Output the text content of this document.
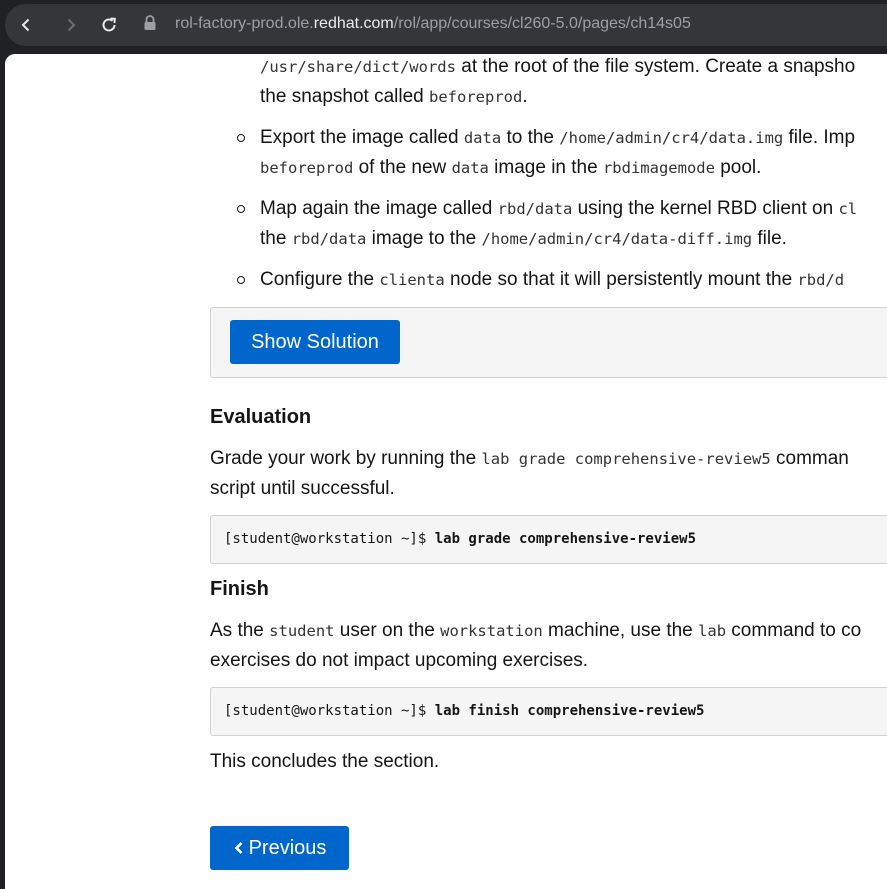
rol-factory-prod.ole.redhat.com/rol/app/courses/cl260-5.0/pages/ch14s05
/usr/share/dict/words at the root of the file system. Create a snapsho
the snapshot called beforeprod.
Export the image called data to the /home/admin/cr4/data.img file. Imp
beforeprod of the new data image in the rbdimagemode pool.
Map again the image called rbd/data using the kernel RBD client on cl
the rbd/data image to the /home/admin/cr4/data-diff.img file.
Configure the clienta node so that it will persistently mount the rbd/d
Show Solution
Evaluation
Grade your work by running the lab grade comprehensive-review5 comman
script until successful.
[student@workstation ~]$ lab grade comprehensive-review5
Finish
As the student user on the workstation machine, use the lab command to co
exercises do not impact upcoming exercises.
[student@workstation ~]$ lab finish comprehensive-review5
This concludes the section.
Previous
